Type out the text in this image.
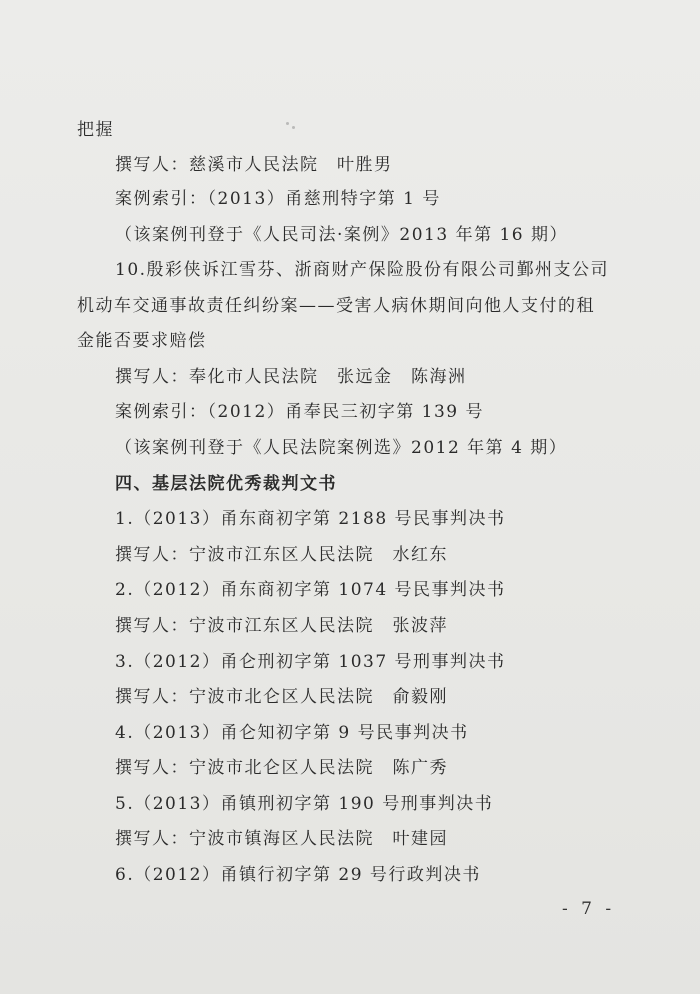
把握
撰写人：慈溪市人民法院　叶胜男
案例索引：（2013）甬慈刑特字第 1 号
（该案例刊登于《人民司法·案例》2013 年第 16 期）
10.殷彩侠诉江雪芬、浙商财产保险股份有限公司鄞州支公司
机动车交通事故责任纠纷案——受害人病休期间向他人支付的租
金能否要求赔偿
撰写人：奉化市人民法院　张远金　陈海洲
案例索引：（2012）甬奉民三初字第 139 号
（该案例刊登于《人民法院案例选》2012 年第 4 期）
四、基层法院优秀裁判文书
1.（2013）甬东商初字第 2188 号民事判决书
撰写人：宁波市江东区人民法院　水红东
2.（2012）甬东商初字第 1074 号民事判决书
撰写人：宁波市江东区人民法院　张波萍
3.（2012）甬仑刑初字第 1037 号刑事判决书
撰写人：宁波市北仑区人民法院　俞毅刚
4.（2013）甬仑知初字第 9 号民事判决书
撰写人：宁波市北仑区人民法院　陈广秀
5.（2013）甬镇刑初字第 190 号刑事判决书
撰写人：宁波市镇海区人民法院　叶建园
6.（2012）甬镇行初字第 29 号行政判决书
- 7 -
